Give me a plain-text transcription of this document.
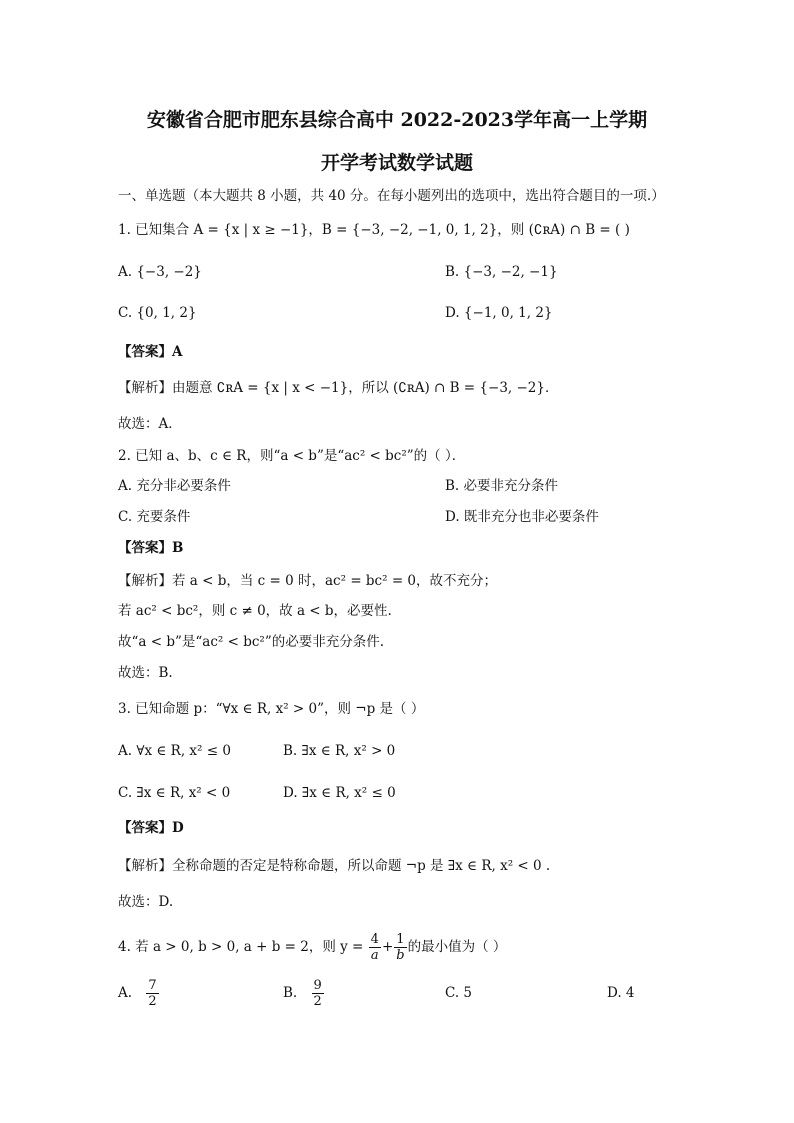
安徽省合肥市肥东县综合高中 2022-2023学年高一上学期
开学考试数学试题
一、单选题（本大题共 8 小题，共 40 分。在每小题列出的选项中，选出符合题目的一项.）
1. 已知集合 A = {x | x ≥ −1}，B = {−3, −2, −1, 0, 1, 2}，则 (∁ʀA) ∩ B = ( )
A. {−3, −2}	B. {−3, −2, −1}
C. {0, 1, 2}	D. {−1, 0, 1, 2}
【答案】A
【解析】由题意 ∁ʀA = {x | x < −1}，所以 (∁ʀA) ∩ B = {−3, −2}．
故选：A．
2. 已知 a、b、c ∈ R，则“a < b”是“ac² < bc²”的（ ）．
A. 充分非必要条件	B. 必要非充分条件
C. 充要条件	D. 既非充分也非必要条件
【答案】B
【解析】若 a < b，当 c = 0 时，ac² = bc² = 0，故不充分；
若 ac² < bc²，则 c ≠ 0，故 a < b，必要性.
故“a < b”是“ac² < bc²”的必要非充分条件.
故选：B.
3. 已知命题 p：“∀x ∈ R, x² > 0”，则 ¬p 是（ ）
A. ∀x ∈ R, x² ≤ 0	B. ∃x ∈ R, x² > 0
C. ∃x ∈ R, x² < 0	D. ∃x ∈ R, x² ≤ 0
【答案】D
【解析】全称命题的否定是特称命题，所以命题 ¬p 是 ∃x ∈ R, x² < 0 .
故选：D.
4. 若 a > 0, b > 0, a + b = 2，则 $y = \frac{4}{a} + \frac{1}{b}$ 的最小值为（ ）
A. $\frac{7}{2}$	B. $\frac{9}{2}$	C. 5	D. 4
